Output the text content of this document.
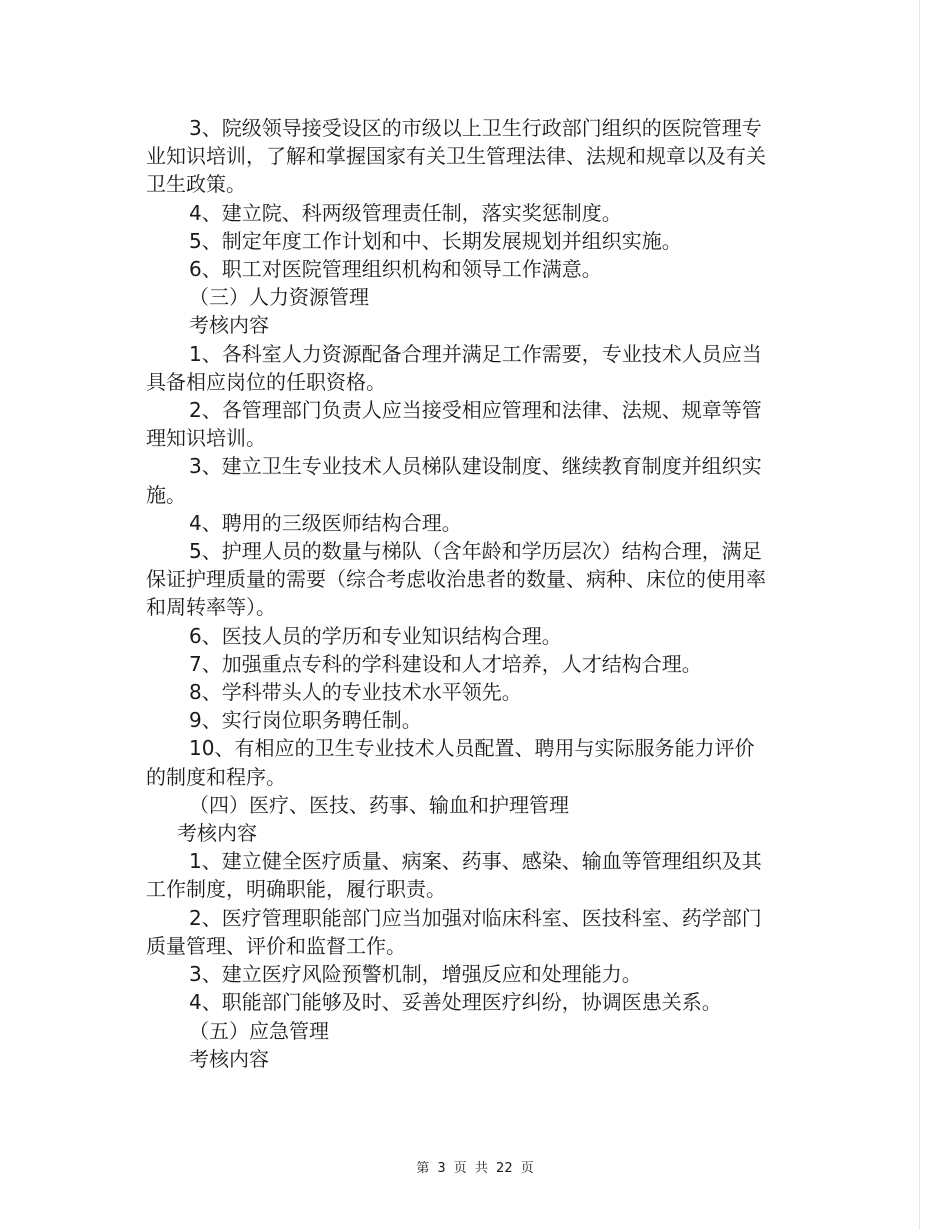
3、院级领导接受设区的市级以上卫生行政部门组织的医院管理专业知识培训，了解和掌握国家有关卫生管理法律、法规和规章以及有关卫生政策。

4、建立院、科两级管理责任制，落实奖惩制度。

5、制定年度工作计划和中、长期发展规划并组织实施。

6、职工对医院管理组织机构和领导工作满意。

（三）人力资源管理

考核内容

1、各科室人力资源配备合理并满足工作需要，专业技术人员应当具备相应岗位的任职资格。

2、各管理部门负责人应当接受相应管理和法律、法规、规章等管理知识培训。

3、建立卫生专业技术人员梯队建设制度、继续教育制度并组织实施。

4、聘用的三级医师结构合理。

5、护理人员的数量与梯队（含年龄和学历层次）结构合理，满足保证护理质量的需要（综合考虑收治患者的数量、病种、床位的使用率和周转率等）。

6、医技人员的学历和专业知识结构合理。

7、加强重点专科的学科建设和人才培养，人才结构合理。

8、学科带头人的专业技术水平领先。

9、实行岗位职务聘任制。

10、有相应的卫生专业技术人员配置、聘用与实际服务能力评价的制度和程序。

（四）医疗、医技、药事、输血和护理管理

考核内容

1、建立健全医疗质量、病案、药事、感染、输血等管理组织及其工作制度，明确职能，履行职责。

2、医疗管理职能部门应当加强对临床科室、医技科室、药学部门质量管理、评价和监督工作。

3、建立医疗风险预警机制，增强反应和处理能力。

4、职能部门能够及时、妥善处理医疗纠纷，协调医患关系。

（五）应急管理

考核内容

第 3 页 共 22 页
